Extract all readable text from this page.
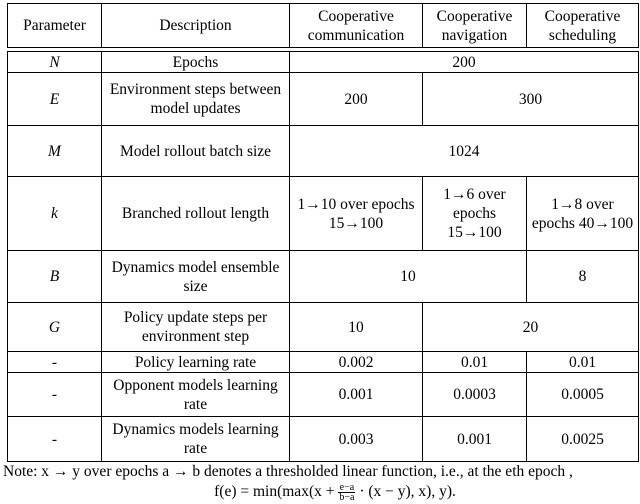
Parameter	Description	Cooperative communication	Cooperative navigation	Cooperative scheduling

N	Epochs	200		
E	Environment steps between model updates	200	300	
M	Model rollout batch size	1024		
k	Branched rollout length	1→10 over epochs 15→100	1→6 over epochs 15→100	1→8 over epochs 40→100
B	Dynamics model ensemble size	10		8
G	Policy update steps per environment step	10	20	
-	Policy learning rate	0.002	0.01	0.01
-	Opponent models learning rate	0.001	0.0003	0.0005
-	Dynamics models learning rate	0.003	0.001	0.0025
Note: x → y over epochs a → b denotes a thresholded linear function, i.e., at the eth epoch ,
$f(e) = \min(\max(x + \frac{e-a}{b-a} \cdot (x - y)$, x), y).
